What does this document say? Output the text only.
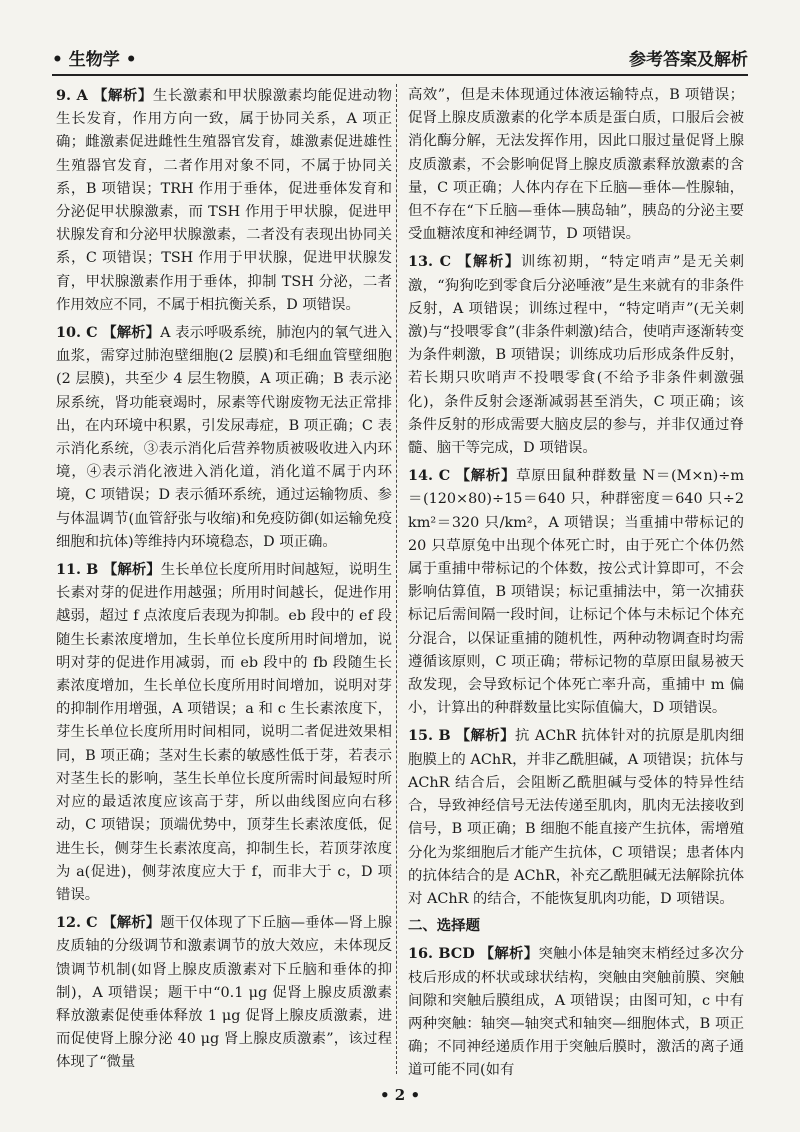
• 生物学 •	参考答案及解析

9. A 【解析】生长激素和甲状腺激素均能促进动物生长发育，作用方向一致，属于协同关系，A 项正确；雌激素促进雌性生殖器官发育，雄激素促进雄性生殖器官发育，二者作用对象不同，不属于协同关系，B 项错误；TRH 作用于垂体，促进垂体发育和分泌促甲状腺激素，而 TSH 作用于甲状腺，促进甲状腺发育和分泌甲状腺激素，二者没有表现出协同关系，C 项错误；TSH 作用于甲状腺，促进甲状腺发育，甲状腺激素作用于垂体，抑制 TSH 分泌，二者作用效应不同，不属于相抗衡关系，D 项错误。

10. C 【解析】A 表示呼吸系统，肺泡内的氧气进入血浆，需穿过肺泡壁细胞(2 层膜)和毛细血管壁细胞(2 层膜)，共至少 4 层生物膜，A 项正确；B 表示泌尿系统，肾功能衰竭时，尿素等代谢废物无法正常排出，在内环境中积累，引发尿毒症，B 项正确；C 表示消化系统，③表示消化后营养物质被吸收进入内环境，④表示消化液进入消化道，消化道不属于内环境，C 项错误；D 表示循环系统，通过运输物质、参与体温调节(血管舒张与收缩)和免疫防御(如运输免疫细胞和抗体)等维持内环境稳态，D 项正确。

11. B 【解析】生长单位长度所用时间越短，说明生长素对芽的促进作用越强；所用时间越长，促进作用越弱，超过 f 点浓度后表现为抑制。eb 段中的 ef 段随生长素浓度增加，生长单位长度所用时间增加，说明对芽的促进作用减弱，而 eb 段中的 fb 段随生长素浓度增加，生长单位长度所用时间增加，说明对芽的抑制作用增强，A 项错误；a 和 c 生长素浓度下，芽生长单位长度所用时间相同，说明二者促进效果相同，B 项正确；茎对生长素的敏感性低于芽，若表示对茎生长的影响，茎生长单位长度所需时间最短时所对应的最适浓度应该高于芽，所以曲线图应向右移动，C 项错误；顶端优势中，顶芽生长素浓度低，促进生长，侧芽生长素浓度高，抑制生长，若顶芽浓度为 a(促进)，侧芽浓度应大于 f，而非大于 c，D 项错误。

12. C 【解析】题干仅体现了下丘脑—垂体—肾上腺皮质轴的分级调节和激素调节的放大效应，未体现反馈调节机制(如肾上腺皮质激素对下丘脑和垂体的抑制)，A 项错误；题干中“0.1 μg 促肾上腺皮质激素释放激素促使垂体释放 1 μg 促肾上腺皮质激素，进而促使肾上腺分泌 40 μg 肾上腺皮质激素”，该过程体现了“微量

高效”，但是未体现通过体液运输特点，B 项错误；促肾上腺皮质激素的化学本质是蛋白质，口服后会被消化酶分解，无法发挥作用，因此口服过量促肾上腺皮质激素，不会影响促肾上腺皮质激素释放激素的含量，C 项正确；人体内存在下丘脑—垂体—性腺轴，但不存在“下丘脑—垂体—胰岛轴”，胰岛的分泌主要受血糖浓度和神经调节，D 项错误。

13. C 【解析】训练初期，“特定哨声”是无关刺激，“狗狗吃到零食后分泌唾液”是生来就有的非条件反射，A 项错误；训练过程中，“特定哨声”(无关刺激)与“投喂零食”(非条件刺激)结合，使哨声逐渐转变为条件刺激，B 项错误；训练成功后形成条件反射，若长期只吹哨声不投喂零食(不给予非条件刺激强化)，条件反射会逐渐减弱甚至消失，C 项正确；该条件反射的形成需要大脑皮层的参与，并非仅通过脊髓、脑干等完成，D 项错误。

14. C 【解析】草原田鼠种群数量 N＝(M×n)÷m＝(120×80)÷15＝640 只，种群密度＝640 只÷2 km²＝320 只/km²，A 项错误；当重捕中带标记的 20 只草原兔中出现个体死亡时，由于死亡个体仍然属于重捕中带标记的个体数，按公式计算即可，不会影响估算值，B 项错误；标记重捕法中，第一次捕获标记后需间隔一段时间，让标记个体与未标记个体充分混合，以保证重捕的随机性，两种动物调查时均需遵循该原则，C 项正确；带标记物的草原田鼠易被天敌发现，会导致标记个体死亡率升高，重捕中 m 偏小，计算出的种群数量比实际值偏大，D 项错误。

15. B 【解析】抗 AChR 抗体针对的抗原是肌肉细胞膜上的 AChR，并非乙酰胆碱，A 项错误；抗体与 AChR 结合后，会阻断乙酰胆碱与受体的特异性结合，导致神经信号无法传递至肌肉，肌肉无法接收到信号，B 项正确；B 细胞不能直接产生抗体，需增殖分化为浆细胞后才能产生抗体，C 项错误；患者体内的抗体结合的是 AChR，补充乙酰胆碱无法解除抗体对 AChR 的结合，不能恢复肌肉功能，D 项错误。

二、选择题

16. BCD 【解析】突触小体是轴突末梢经过多次分枝后形成的杯状或球状结构，突触由突触前膜、突触间隙和突触后膜组成，A 项错误；由图可知，c 中有两种突触：轴突—轴突式和轴突—细胞体式，B 项正确；不同神经递质作用于突触后膜时，激活的离子通道可能不同(如有

• 2 •
